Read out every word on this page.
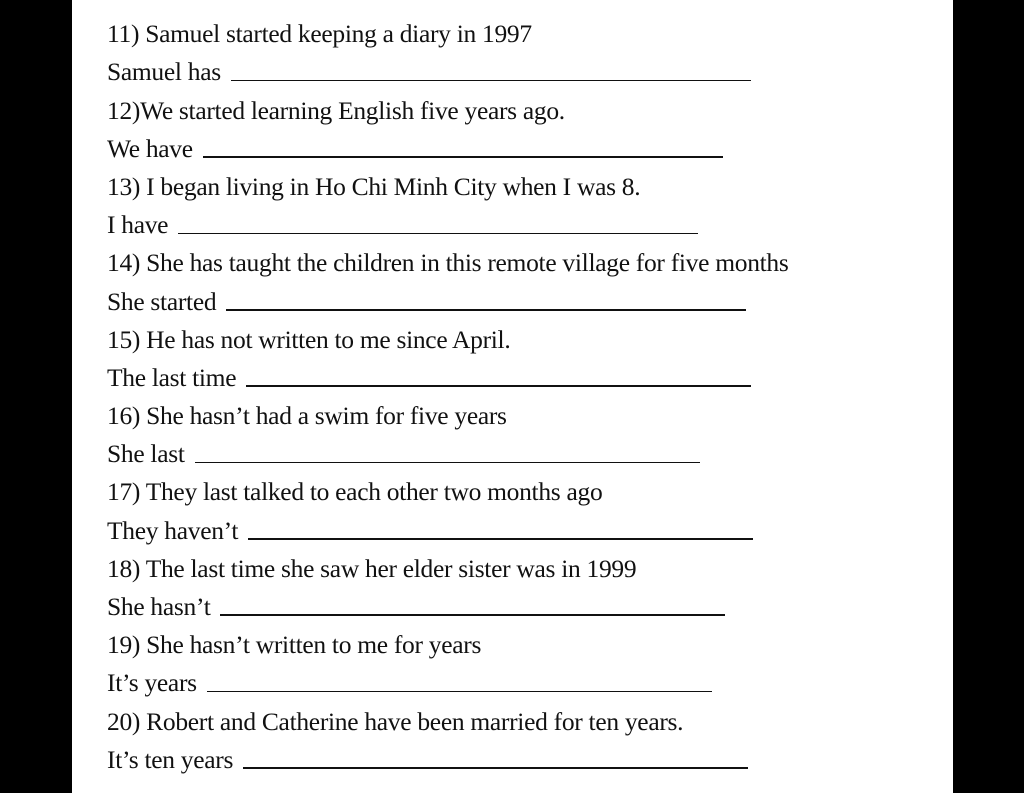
11) Samuel started keeping a diary in 1997
Samuel has
12)We started learning English five years ago.
We have
13) I began living in Ho Chi Minh City when I was 8.
I have
14) She has taught the children in this remote village for five months
She started
15) He has not written to me since April.
The last time
16) She hasn’t had a swim for five years
She last
17) They last talked to each other two months ago
They haven’t
18) The last time she saw her elder sister was in 1999
She hasn’t
19) She hasn’t written to me for years
It’s years
20) Robert and Catherine have been married for ten years.
It’s ten years
